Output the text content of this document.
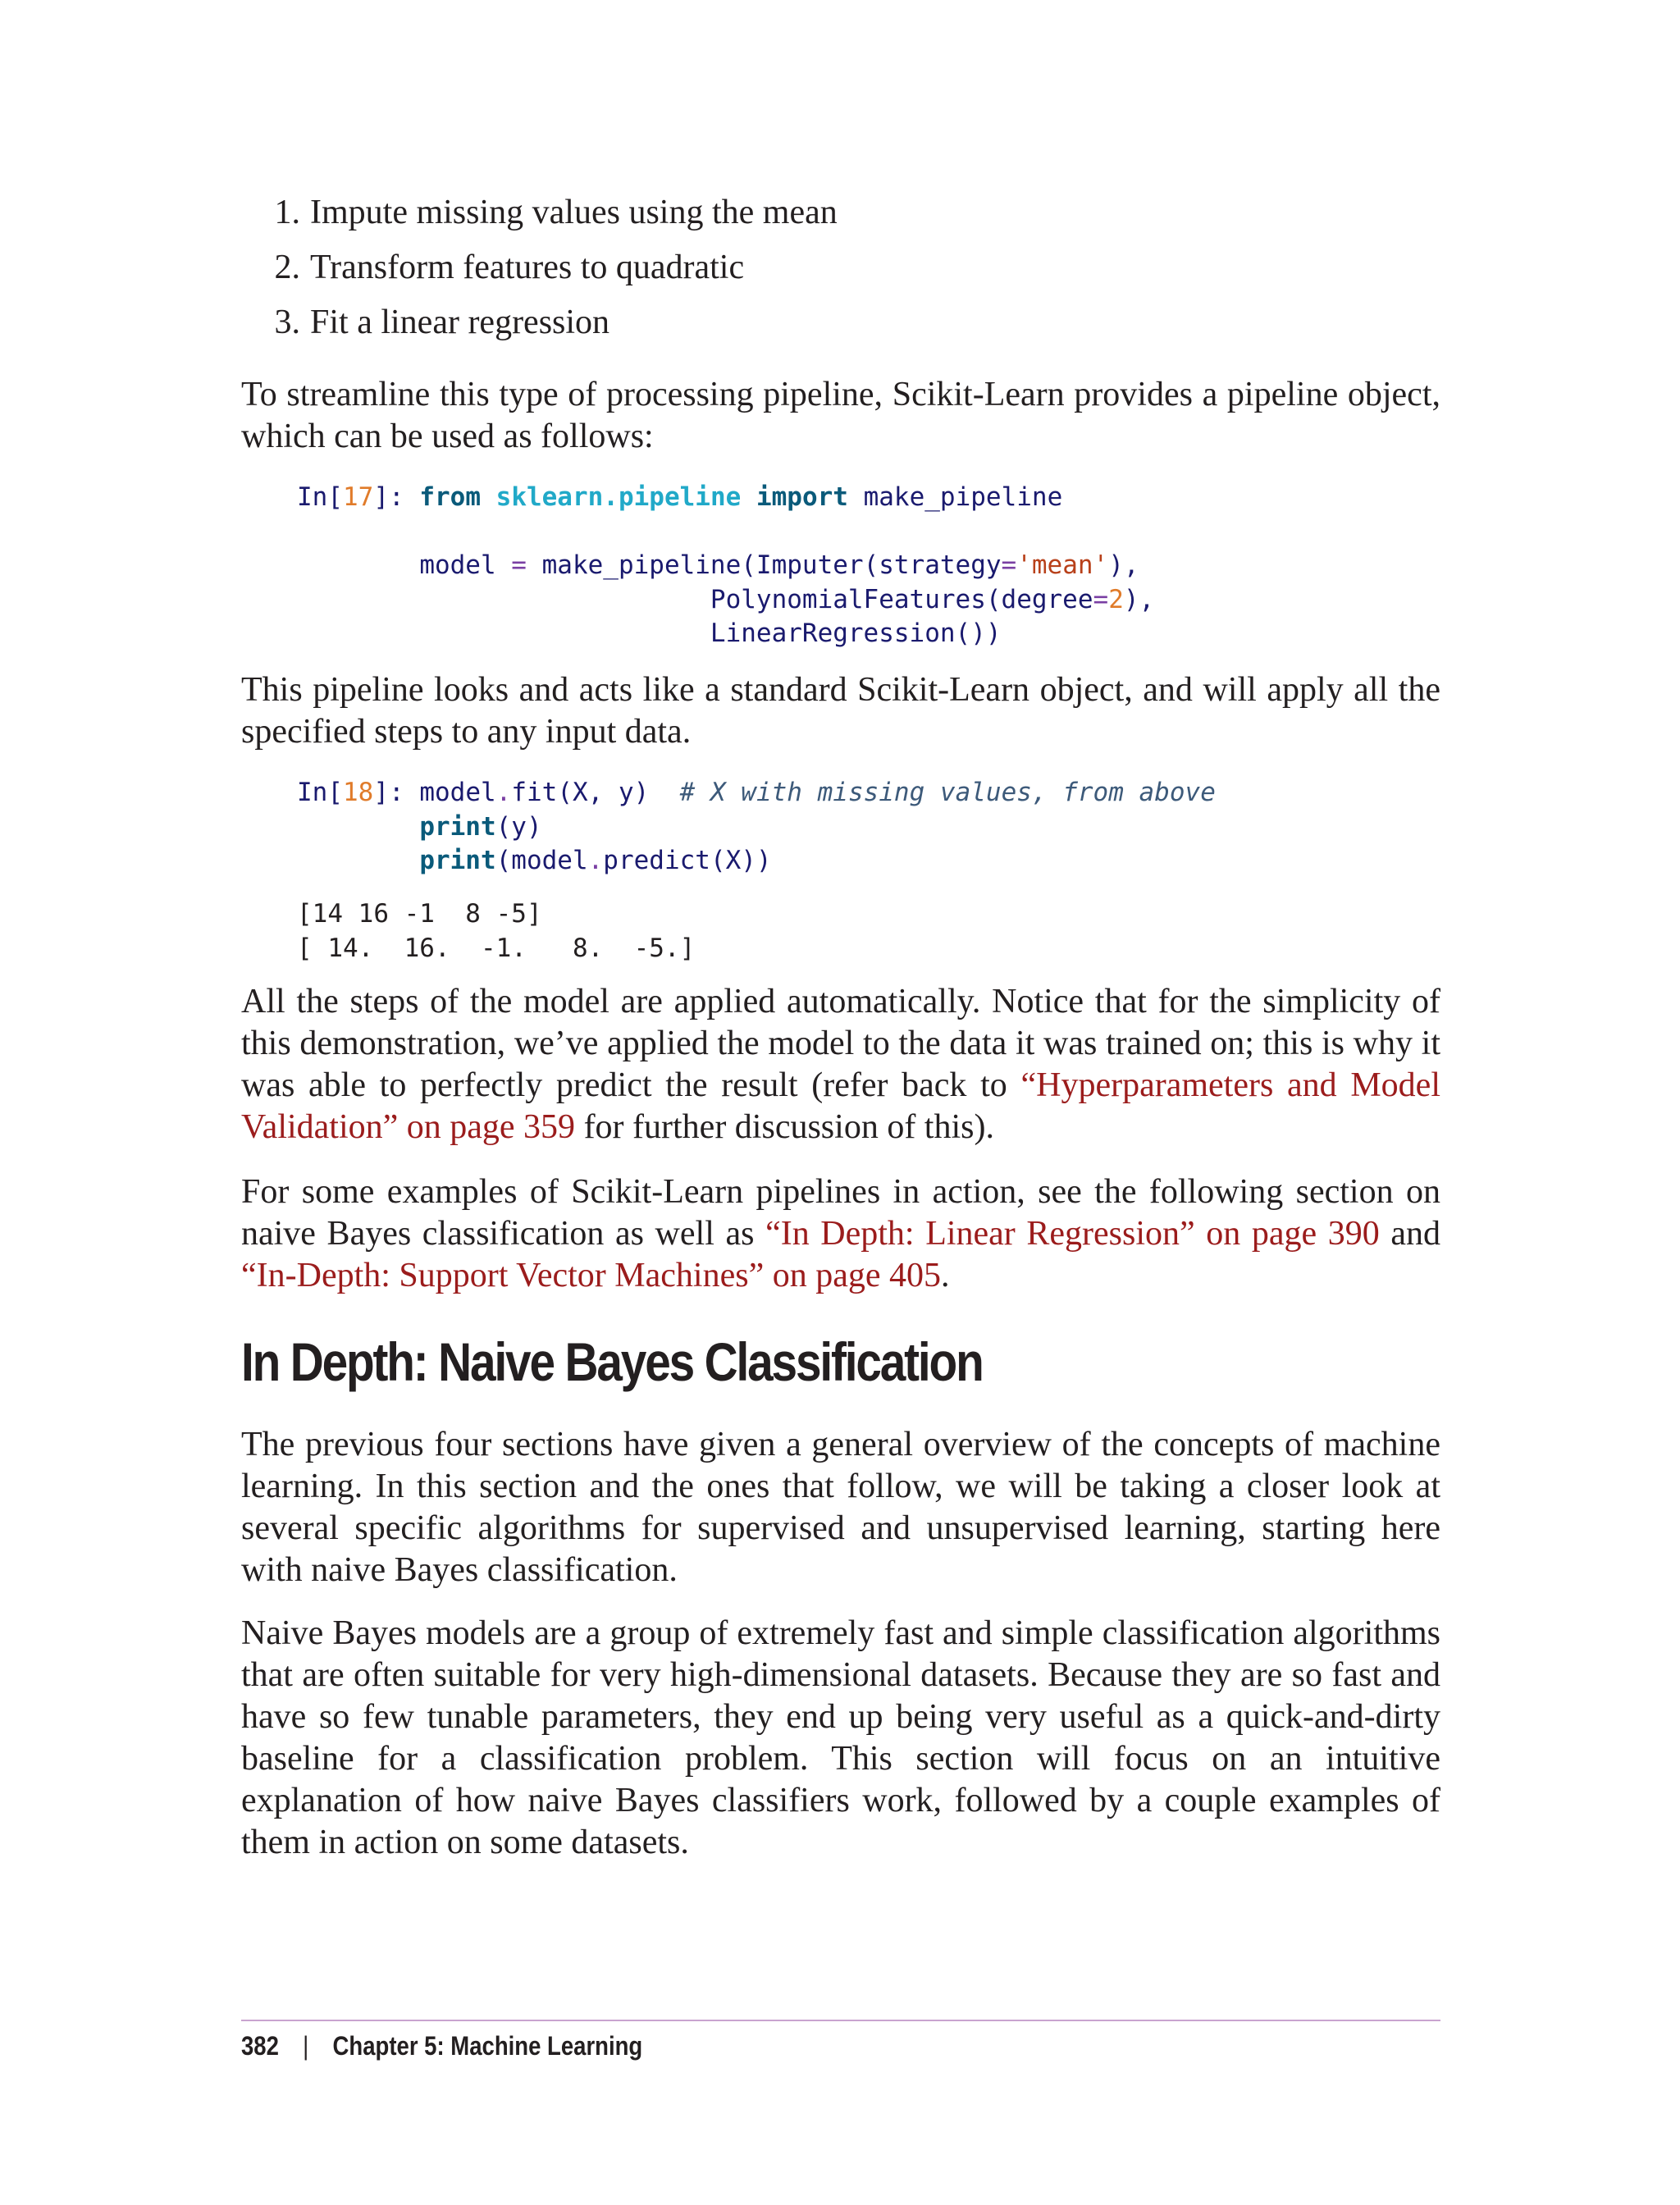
1. Impute missing values using the mean
2. Transform features to quadratic
3. Fit a linear regression

To streamline this type of processing pipeline, Scikit-Learn provides a pipeline object, which can be used as follows:

In[17]: from sklearn.pipeline import make_pipeline

model = make_pipeline(Imputer(strategy='mean'),
PolynomialFeatures(degree=2),
LinearRegression())

This pipeline looks and acts like a standard Scikit-Learn object, and will apply all the specified steps to any input data.

In[18]: model.fit(X, y) # X with missing values, from above
print(y)
print(model.predict(X))
[14 16 -1  8 -5]
[ 14.  16.  -1.   8.  -5.]

All the steps of the model are applied automatically. Notice that for the simplicity of this demonstration, we’ve applied the model to the data it was trained on; this is why it was able to perfectly predict the result (refer back to “Hyperparameters and Model Validation” on page 359 for further discussion of this).

For some examples of Scikit-Learn pipelines in action, see the following section on naive Bayes classification as well as “In Depth: Linear Regression” on page 390 and “In-Depth: Support Vector Machines” on page 405.

In Depth: Naive Bayes Classification

The previous four sections have given a general overview of the concepts of machine learning. In this section and the ones that follow, we will be taking a closer look at several specific algorithms for supervised and unsupervised learning, starting here with naive Bayes classification.

Naive Bayes models are a group of extremely fast and simple classification algorithms that are often suitable for very high-dimensional datasets. Because they are so fast and have so few tunable parameters, they end up being very useful as a quick-and-dirty baseline for a classification problem. This section will focus on an intuitive explanation of how naive Bayes classifiers work, followed by a couple examples of them in action on some datasets.

382 | Chapter 5: Machine Learning
